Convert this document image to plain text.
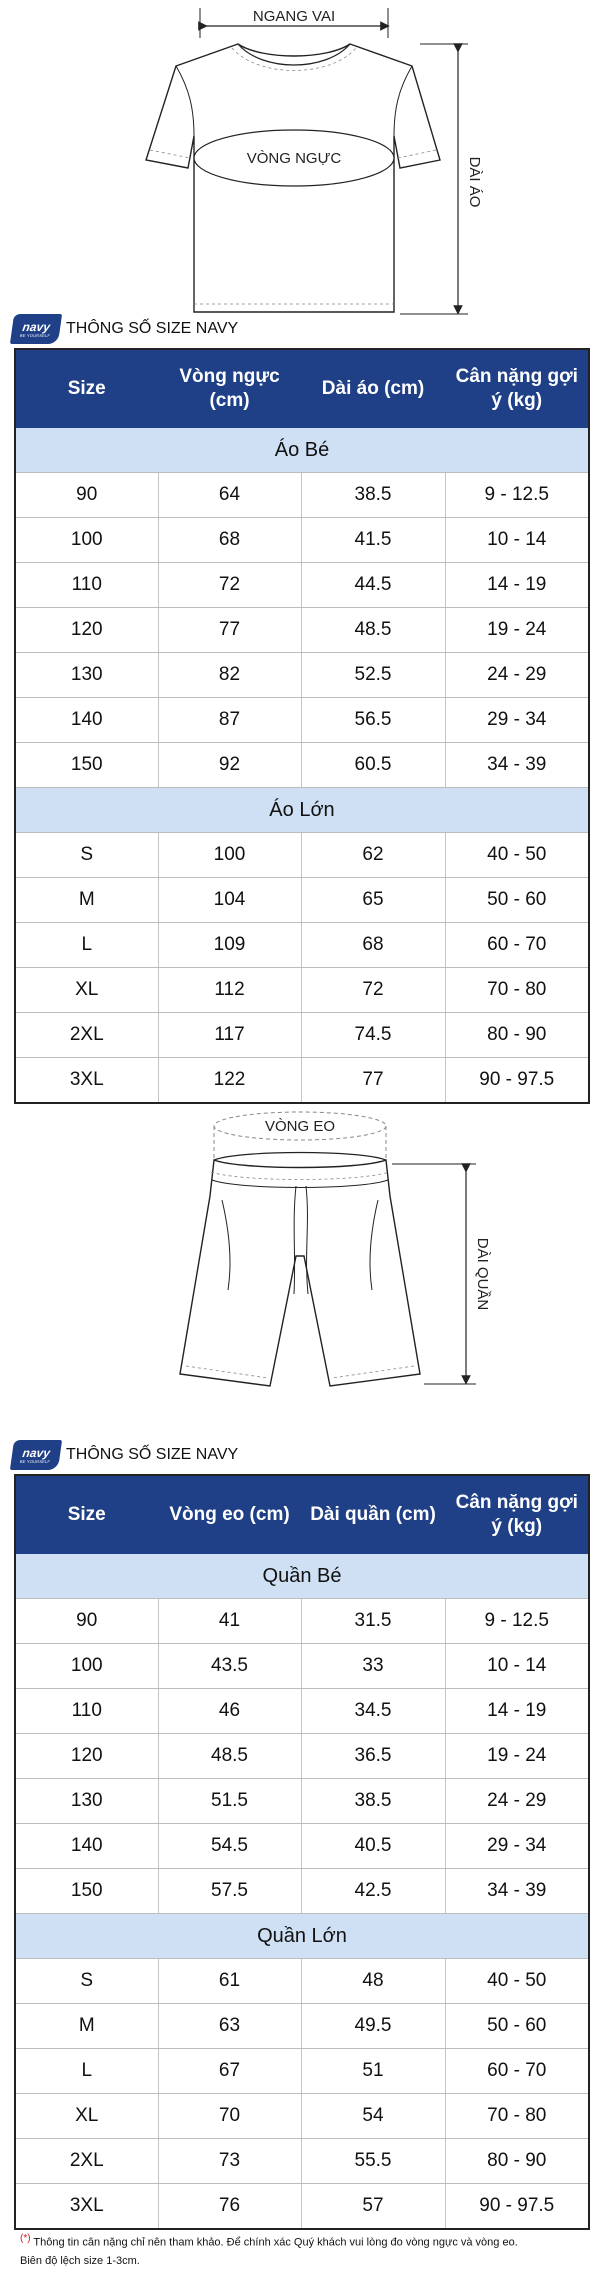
NGANG VAI
VÒNG NGỰC	DÀI ÁO
navy
BE YOURSELF THÔNG SỐ SIZE NAVY
Size	Vòng ngực (cm)	Dài áo (cm)	Cân nặng gợi ý (kg)
Áo Bé			
90	64	38.5	9 - 12.5
100	68	41.5	10 - 14
110	72	44.5	14 - 19
120	77	48.5	19 - 24
130	82	52.5	24 - 29
140	87	56.5	29 - 34
150	92	60.5	34 - 39
Áo Lớn			
S	100	62	40 - 50
M	104	65	50 - 60
L	109	68	60 - 70
XL	112	72	70 - 80
2XL	117	74.5	80 - 90
3XL	122	77	90 - 97.5
VÒNG EO
DÀI QUẦN
navy
BE YOURSELF THÔNG SỐ SIZE NAVY
Size	Vòng eo (cm)	Dài quần (cm)	Cân nặng gợi ý (kg)
Quần Bé			
90	41	31.5	9 - 12.5
100	43.5	33	10 - 14
110	46	34.5	14 - 19
120	48.5	36.5	19 - 24
130	51.5	38.5	24 - 29
140	54.5	40.5	29 - 34
150	57.5	42.5	34 - 39
Quần Lớn			
S	61	48	40 - 50
M	63	49.5	50 - 60
L	67	51	60 - 70
XL	70	54	70 - 80
2XL	73	55.5	80 - 90
3XL	76	57	90 - 97.5
(*) Thông tin cân nặng chỉ nên tham khảo. Để chính xác Quý khách vui lòng đo vòng ngực và vòng eo.
Biên độ lệch size 1-3cm.
